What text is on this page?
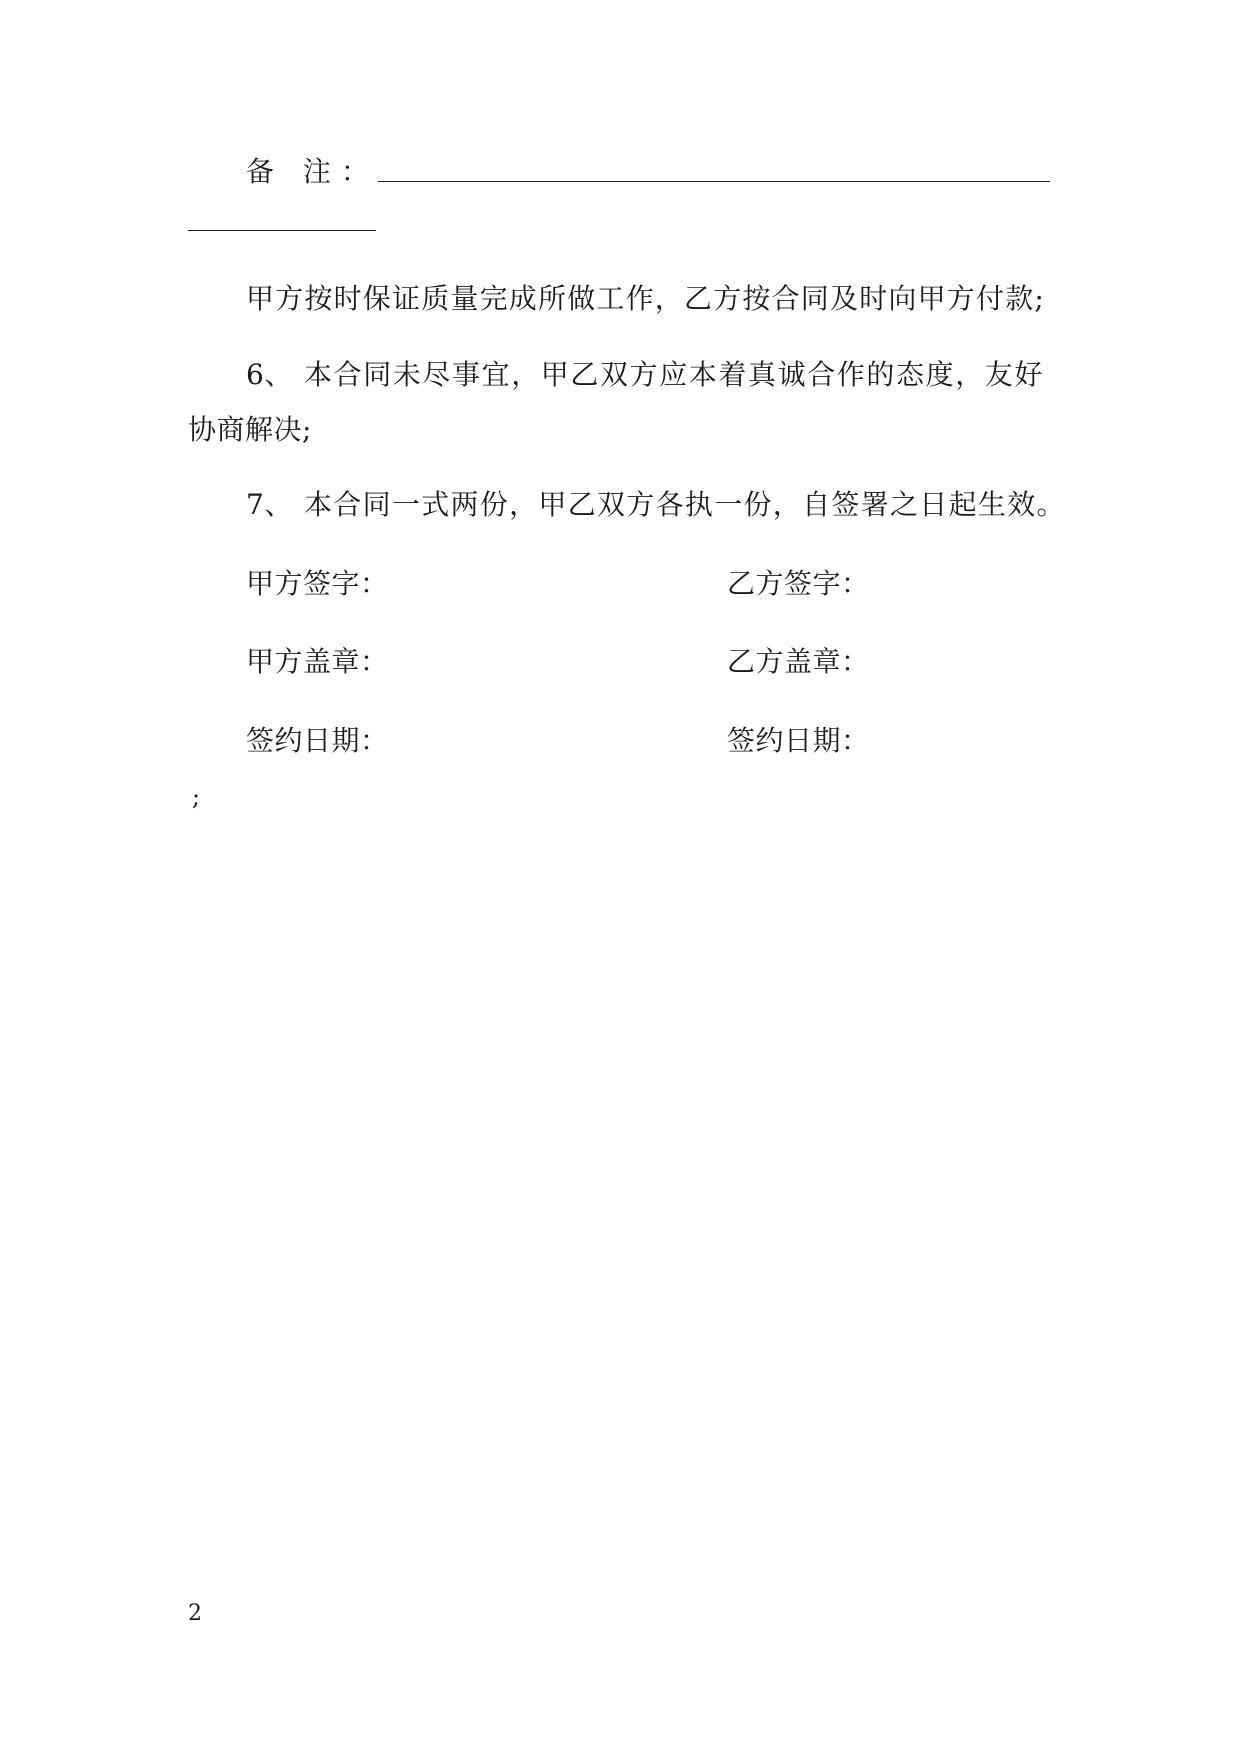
备 注：
甲方按时保证质量完成所做工作，乙方按合同及时向甲方付款;
6、 本合同未尽事宜，甲乙双方应本着真诚合作的态度，友好
协商解决;
7、 本合同一式两份，甲乙双方各执一份，自签署之日起生效。
甲方签字：	乙方签字：
甲方盖章：	乙方盖章：
签约日期：	签约日期：
;
2
